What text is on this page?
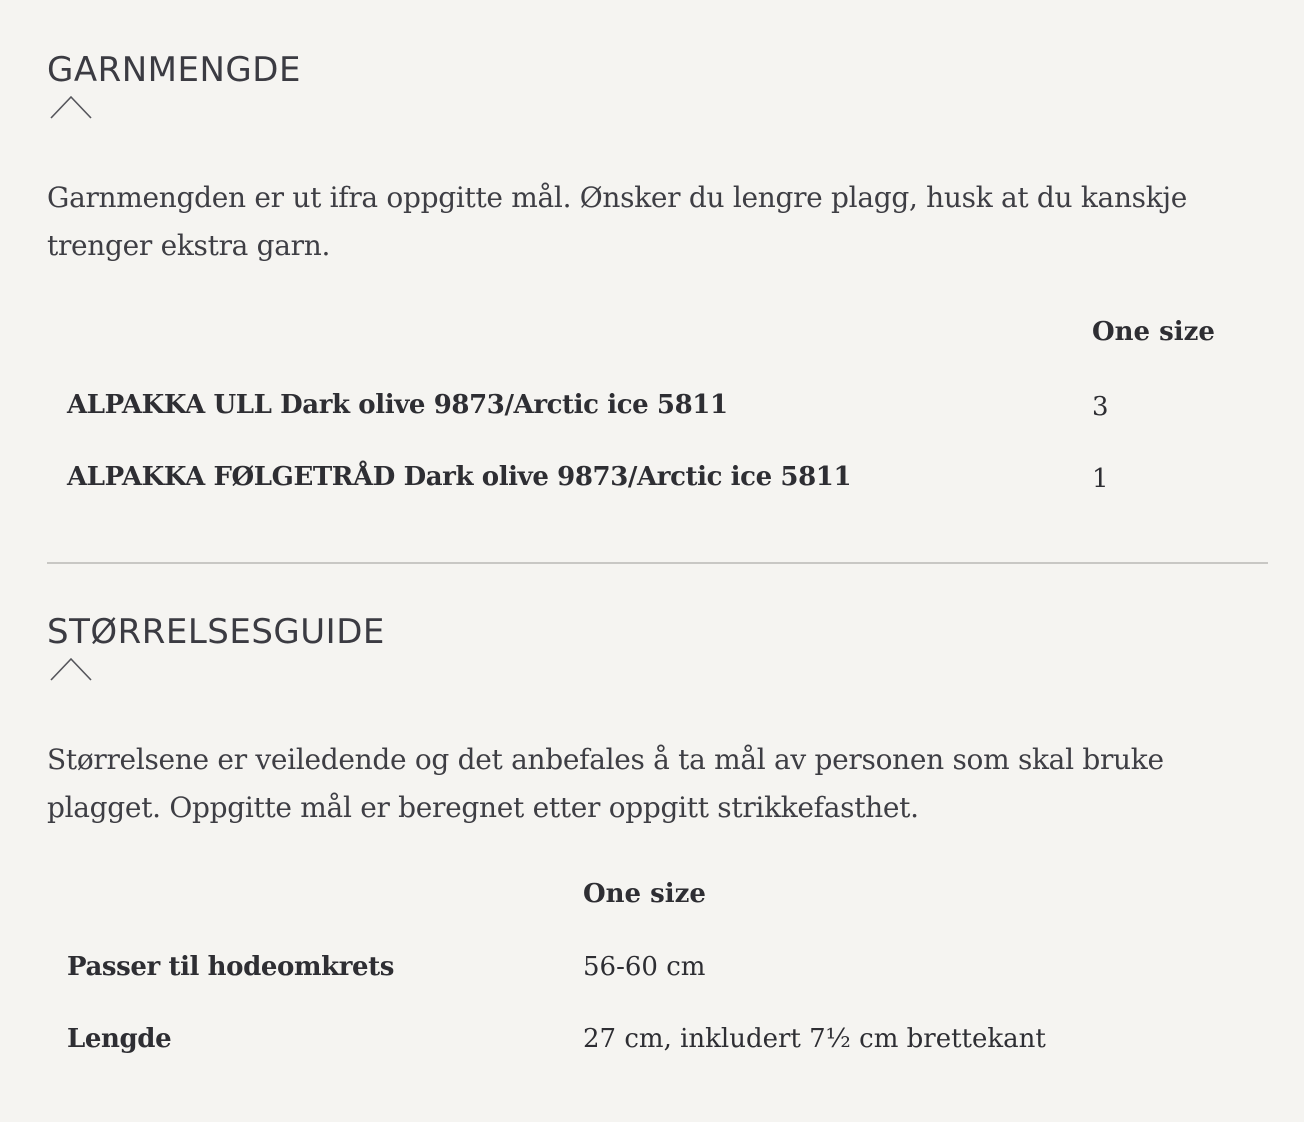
GARNMENGDE

Garnmengden er ut ifra oppgitte mål. Ønsker du lengre plagg, husk at du kanskje trenger ekstra garn.

One size
ALPAKKA ULL Dark olive 9873/Arctic ice 5811	3
ALPAKKA FØLGETRÅD Dark olive 9873/Arctic ice 5811	1
STØRRELSESGUIDE

Størrelsene er veiledende og det anbefales å ta mål av personen som skal bruke plagget. Oppgitte mål er beregnet etter oppgitt strikkefasthet.

One size
Passer til hodeomkrets	56-60 cm
Lengde	27 cm, inkludert 7½ cm brettekant
